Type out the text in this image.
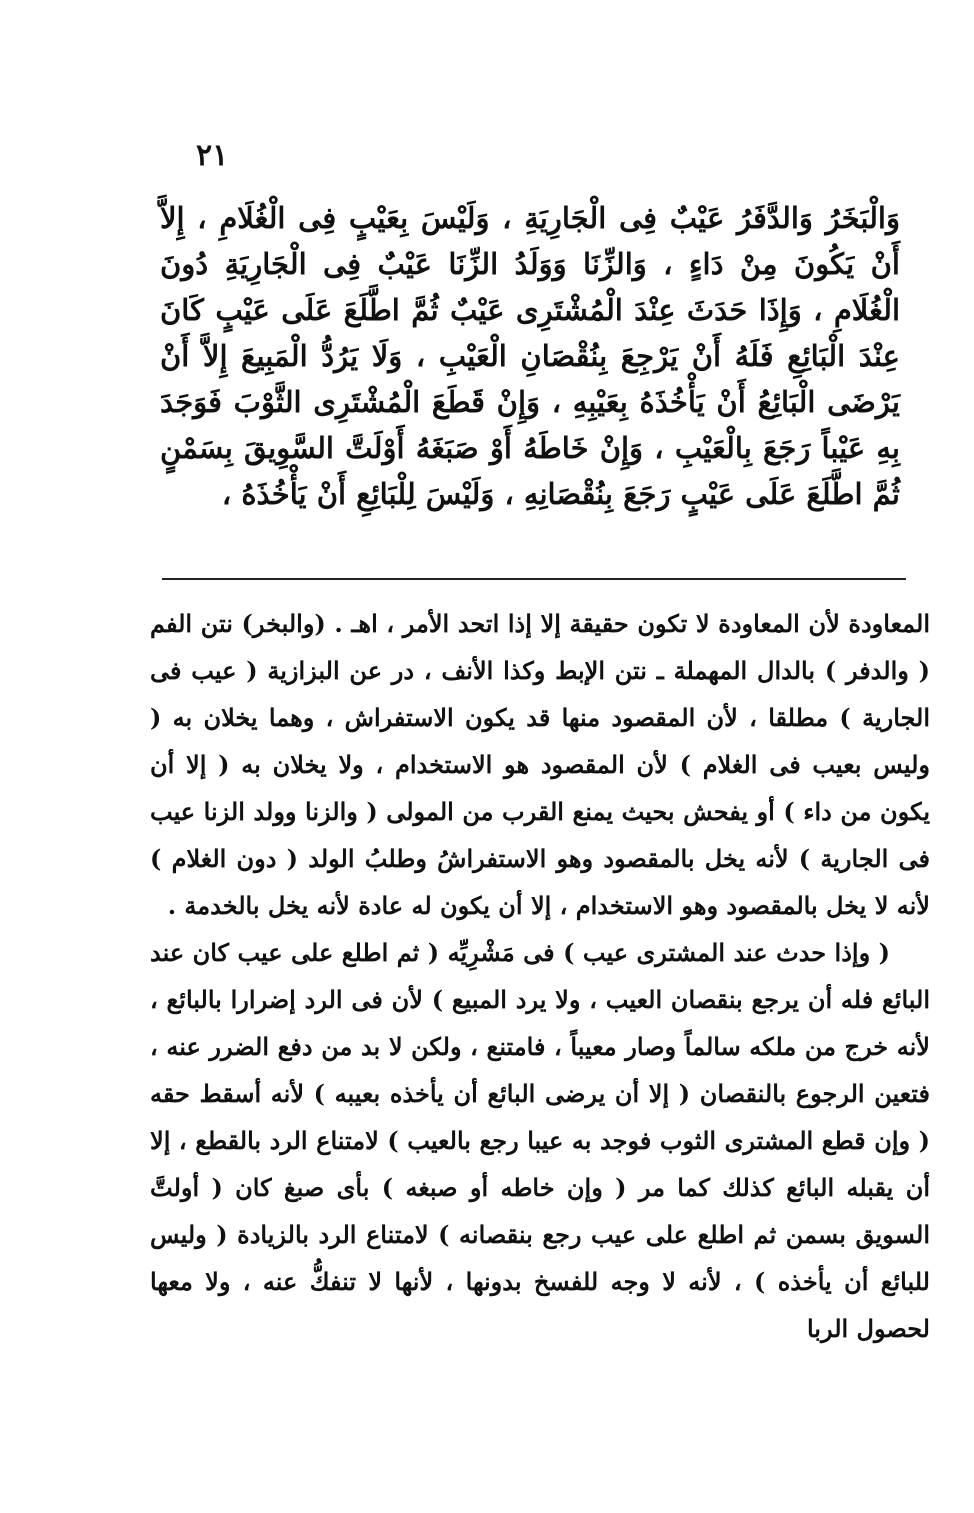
٢١

وَالْبَخَرُ وَالدَّفَرُ عَيْبٌ فِى الْجَارِيَةِ ، وَلَيْسَ بِعَيْبٍ فِى الْغُلَامِ ، إِلاَّ أَنْ يَكُونَ مِنْ دَاءٍ ، وَالزِّنَا وَوَلَدُ الزِّنَا عَيْبٌ فِى الْجَارِيَةِ دُونَ الْغُلَامِ ، وَإِذَا حَدَثَ عِنْدَ الْمُشْتَرِى عَيْبٌ ثُمَّ اطَّلَعَ عَلَى عَيْبٍ كَانَ عِنْدَ الْبَائِعِ فَلَهُ أَنْ يَرْجِعَ بِنُقْصَانِ الْعَيْبِ ، وَلَا يَرُدُّ الْمَبِيعَ إِلاَّ أَنْ يَرْضَى الْبَائِعُ أَنْ يَأْخُذَهُ بِعَيْبِهِ ، وَإِنْ قَطَعَ الْمُشْتَرِى الثَّوْبَ فَوَجَدَ بِهِ عَيْباً رَجَعَ بِالْعَيْبِ ، وَإِنْ خَاطَهُ أَوْ صَبَغَهُ أَوْلَتَّ السَّوِيقَ بِسَمْنٍ ثُمَّ اطَّلَعَ عَلَى عَيْبٍ رَجَعَ بِنُقْصَانِهِ ، وَلَيْسَ لِلْبَائِعِ أَنْ يَأْخُذَهُ ،

المعاودة لأن المعاودة لا تكون حقيقة إلا إذا اتحد الأمر ، اهـ . (والبخر) نتن الفم ( والدفر ) بالدال المهملة ـ نتن الإبط وكذا الأنف ، در عن البزازية ( عيب فى الجارية ) مطلقا ، لأن المقصود منها قد يكون الاستفراش ، وهما يخلان به ( وليس بعيب فى الغلام ) لأن المقصود هو الاستخدام ، ولا يخلان به ( إلا أن يكون من داء ) أو يفحش بحيث يمنع القرب من المولى ( والزنا وولد الزنا عيب فى الجارية ) لأنه يخل بالمقصود وهو الاستفراشُ وطلبُ الولد ( دون الغلام ) لأنه لا يخل بالمقصود وهو الاستخدام ، إلا أن يكون له عادة لأنه يخل بالخدمة .

( وإذا حدث عند المشترى عيب ) فى مَشْرِيِّه ( ثم اطلع على عيب كان عند البائع فله أن يرجع بنقصان العيب ، ولا يرد المبيع ) لأن فى الرد إضرارا بالبائع ، لأنه خرج من ملكه سالماً وصار معيباً ، فامتنع ، ولكن لا بد من دفع الضرر عنه ، فتعين الرجوع بالنقصان ( إلا أن يرضى البائع أن يأخذه بعيبه ) لأنه أسقط حقه ( وإن قطع المشترى الثوب فوجد به عيبا رجع بالعيب ) لامتناع الرد بالقطع ، إلا أن يقبله البائع كذلك كما مر ( وإن خاطه أو صبغه ) بأى صبغ كان ( أولتَّ السويق بسمن ثم اطلع على عيب رجع بنقصانه ) لامتناع الرد بالزيادة ( وليس للبائع أن يأخذه ) ، لأنه لا وجه للفسخ بدونها ، لأنها لا تنفكُّ عنه ، ولا معها لحصول الربا
